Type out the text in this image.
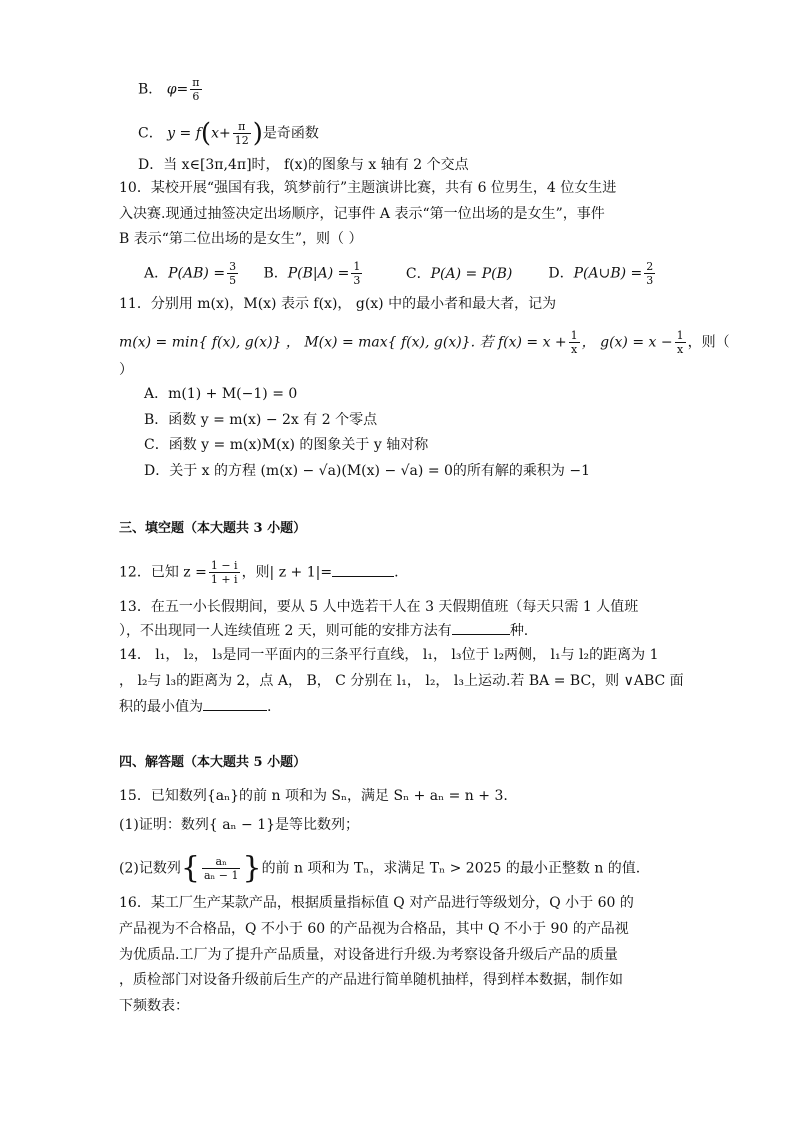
B． $\varphi= \frac{\pi}{6}$
C． $y = f(x+ \frac{\pi}{12}$ )是奇函数
D．当 x∈[3π,4π]时， f(x)的图象与 x 轴有 2 个交点
10．某校开展“强国有我，筑梦前行”主题演讲比赛，共有 6 位男生，4 位女生进
入决赛.现通过抽签决定出场顺序，记事件 A 表示“第一位出场的是女生”，事件
B 表示“第二位出场的是女生”，则（ ）
A．$P(AB) = \frac{3}{5}$ B．$P(B|A) = \frac{1}{3}$	C．P(A) = P(B)	D．P(A∪B) = $\frac{2}{3}$
11．分别用 m(x)，M(x) 表示 f(x)， g(x) 中的最小者和最大者，记为
m(x) = min{ f(x), g(x)} ， M(x) = max{ f(x), g(x)}. 若 $f(x) = x + \frac{1}{x}$ ， $g(x) = x - \frac{1}{x}$ ，则（
）
A．m(1) + M(−1) = 0
B．函数 y = m(x) − 2x 有 2 个零点
C．函数 y = m(x)M(x) 的图象关于 y 轴对称
D．关于 x 的方程 (m(x) − √a)(M(x) − √a) = 0的所有解的乘积为 −1
三、填空题（本大题共 3 小题）
12．已知 $z = \frac{1 - i}{1 + i}$ ，则| z + 1|=	.
13．在五一小长假期间，要从 5 人中选若干人在 3 天假期值班（每天只需 1 人值班
），不出现同一人连续值班 2 天，则可能的安排方法有	种.
14． l₁， l₂， l₃是同一平面内的三条平行直线， l₁， l₃位于 l₂两侧， l₁与 l₂的距离为 1
， l₂与 l₃的距离为 2，点 A， B， C 分别在 l₁， l₂， l₃上运动.若 BA = BC，则 ∨ABC 面
积的最小值为	.
四、解答题（本大题共 5 小题）
15．已知数列{aₙ}的前 n 项和为 Sₙ，满足 Sₙ + aₙ = n + 3.
(1)证明：数列{ aₙ − 1}是等比数列；
(2)记数列{ $\frac{\text{aₙ}}{\text{aₙ − 1}}$ }的前 n 项和为 Tₙ，求满足 Tₙ > 2025 的最小正整数 n 的值.
16．某工厂生产某款产品，根据质量指标值 Q 对产品进行等级划分，Q 小于 60 的
产品视为不合格品，Q 不小于 60 的产品视为合格品，其中 Q 不小于 90 的产品视
为优质品.工厂为了提升产品质量，对设备进行升级.为考察设备升级后产品的质量
，质检部门对设备升级前后生产的产品进行简单随机抽样，得到样本数据，制作如
下频数表：
